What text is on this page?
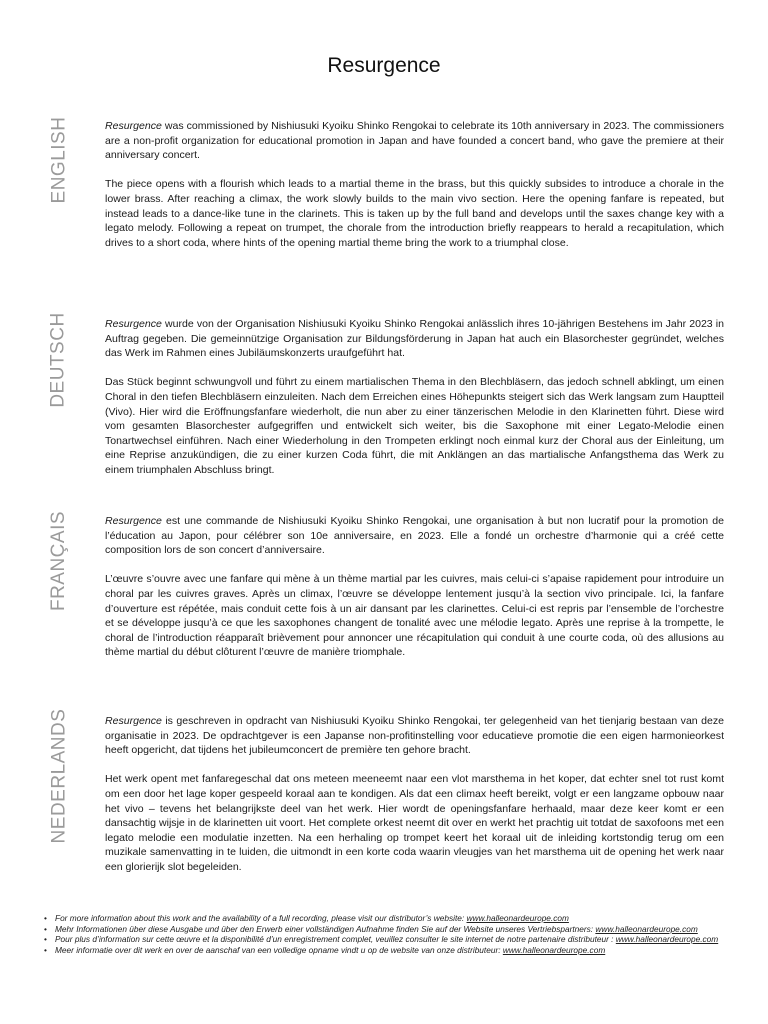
Resurgence
ENGLISH	Resurgence was commissioned by Nishiusuki Kyoiku Shinko Rengokai to celebrate its 10th anniversary in 2023. The commissioners are a non-profit organization for educational promotion in Japan and have founded a concert band, who gave the premiere at their anniversary concert.

The piece opens with a flourish which leads to a martial theme in the brass, but this quickly subsides to introduce a chorale in the lower brass. After reaching a climax, the work slowly builds to the main vivo section. Here the opening fanfare is repeated, but instead leads to a dance-like tune in the clarinets. This is taken up by the full band and develops until the saxes change key with a legato melody. Following a repeat on trumpet, the chorale from the introduction briefly reappears to herald a recapitulation, which drives to a short coda, where hints of the opening martial theme bring the work to a triumphal close.

DEUTSCH	Resurgence wurde von der Organisation Nishiusuki Kyoiku Shinko Rengokai anlässlich ihres 10-jährigen Bestehens im Jahr 2023 in Auftrag gegeben. Die gemeinnützige Organisation zur Bildungsförderung in Japan hat auch ein Blasorchester gegründet, welches das Werk im Rahmen eines Jubiläumskonzerts uraufgeführt hat.

Das Stück beginnt schwungvoll und führt zu einem martialischen Thema in den Blechbläsern, das jedoch schnell abklingt, um einen Choral in den tiefen Blechbläsern einzuleiten. Nach dem Erreichen eines Höhepunkts steigert sich das Werk langsam zum Hauptteil (Vivo). Hier wird die Eröffnungsfanfare wiederholt, die nun aber zu einer tänzerischen Melodie in den Klarinetten führt. Diese wird vom gesamten Blasorchester aufgegriffen und entwickelt sich weiter, bis die Saxophone mit einer Legato-Melodie einen Tonartwechsel einführen. Nach einer Wiederholung in den Trompeten erklingt noch einmal kurz der Choral aus der Einleitung, um eine Reprise anzukündigen, die zu einer kurzen Coda führt, die mit Anklängen an das martialische Anfangsthema das Werk zu einem triumphalen Abschluss bringt.

FRANÇAIS	Resurgence est une commande de Nishiusuki Kyoiku Shinko Rengokai, une organisation à but non lucratif pour la promotion de l’éducation au Japon, pour célébrer son 10e anniversaire, en 2023. Elle a fondé un orchestre d’harmonie qui a créé cette composition lors de son concert d’anniversaire.

L’œuvre s’ouvre avec une fanfare qui mène à un thème martial par les cuivres, mais celui-ci s’apaise rapidement pour introduire un choral par les cuivres graves. Après un climax, l’œuvre se développe lentement jusqu’à la section vivo principale. Ici, la fanfare d’ouverture est répétée, mais conduit cette fois à un air dansant par les clarinettes. Celui-ci est repris par l’ensemble de l’orchestre et se développe jusqu’à ce que les saxophones changent de tonalité avec une mélodie legato. Après une reprise à la trompette, le choral de l’introduction réapparaît brièvement pour annoncer une récapitulation qui conduit à une courte coda, où des allusions au thème martial du début clôturent l’œuvre de manière triomphale.

NEDERLANDS	Resurgence is geschreven in opdracht van Nishiusuki Kyoiku Shinko Rengokai, ter gelegenheid van het tienjarig bestaan van deze organisatie in 2023. De opdrachtgever is een Japanse non-profitinstelling voor educatieve promotie die een eigen harmonieorkest heeft opgericht, dat tijdens het jubileumconcert de première ten gehore bracht.

Het werk opent met fanfaregeschal dat ons meteen meeneemt naar een vlot marsthema in het koper, dat echter snel tot rust komt om een door het lage koper gespeeld koraal aan te kondigen. Als dat een climax heeft bereikt, volgt er een langzame opbouw naar het vivo – tevens het belangrijkste deel van het werk. Hier wordt de openingsfanfare herhaald, maar deze keer komt er een dansachtig wijsje in de klarinetten uit voort. Het complete orkest neemt dit over en werkt het prachtig uit totdat de saxofoons met een legato melodie een modulatie inzetten. Na een herhaling op trompet keert het koraal uit de inleiding kortstondig terug om een muzikale samenvatting in te luiden, die uitmondt in een korte coda waarin vleugjes van het marsthema uit de opening het werk naar een glorierijk slot begeleiden.

• For more information about this work and the availability of a full recording, please visit our distributor’s website: www.halleonardeurope.com
• Mehr Informationen über diese Ausgabe und über den Erwerb einer vollständigen Aufnahme finden Sie auf der Website unseres Vertriebspartners: www.halleonardeurope.com
• Pour plus d’information sur cette œuvre et la disponibilité d’un enregistrement complet, veuillez consulter le site internet de notre partenaire distributeur : www.halleonardeurope.com
• Meer informatie over dit werk en over de aanschaf van een volledige opname vindt u op de website van onze distributeur: www.halleonardeurope.com
